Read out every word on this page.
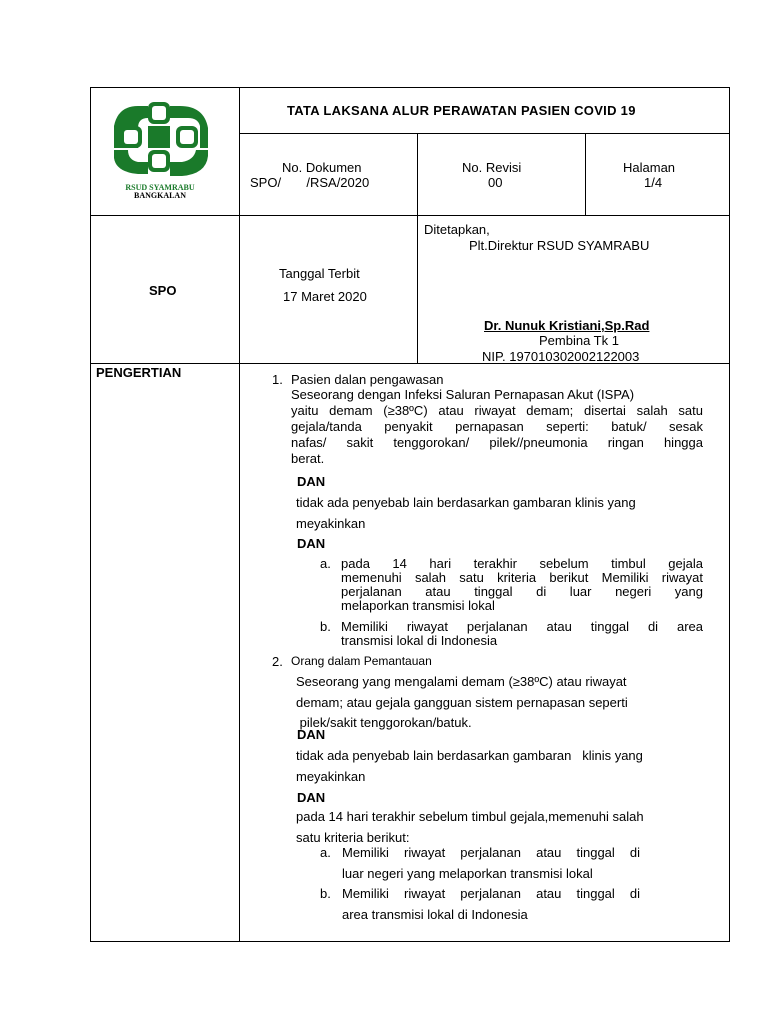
RSUD SYAMRABU
BANGKALAN
TATA LAKSANA ALUR PERAWATAN PASIEN COVID 19
No. Dokumen
SPO/       /RSA/2020
No. Revisi
00
Halaman
1/4
SPO
Tanggal Terbit
17 Maret 2020
Ditetapkan,
Plt.Direktur RSUD SYAMRABU
Dr. Nunuk Kristiani,Sp.Rad
Pembina Tk 1
NIP. 197010302002122003
PENGERTIAN	1. Pasien dalan pengawasan
Seseorang dengan Infeksi Saluran Pernapasan Akut (ISPA)
yaitu demam (≥38ºC) atau riwayat demam; disertai salah satu
gejala/tanda penyakit pernapasan seperti: batuk/ sesak
nafas/ sakit tenggorokan/ pilek//pneumonia ringan hingga
berat.
DAN
tidak ada penyebab lain berdasarkan gambaran klinis yang
meyakinkan
DAN
a. pada 14 hari terakhir sebelum timbul gejala
memenuhi salah satu kriteria berikut Memiliki riwayat
perjalanan atau tinggal di luar negeri yang
melaporkan transmisi lokal
b. Memiliki riwayat perjalanan atau tinggal di area
transmisi lokal di Indonesia
2. Orang dalam Pemantauan
Seseorang yang mengalami demam (≥38ºC) atau riwayat
demam; atau gejala gangguan sistem pernapasan seperti
pilek/sakit tenggorokan/batuk.
DAN
tidak ada penyebab lain berdasarkan gambaran   klinis yang
meyakinkan
DAN
pada 14 hari terakhir sebelum timbul gejala,memenuhi salah
satu kriteria berikut:
a. Memiliki riwayat perjalanan atau tinggal di
luar negeri yang melaporkan transmisi lokal
b. Memiliki riwayat perjalanan atau tinggal di
area transmisi lokal di Indonesia
